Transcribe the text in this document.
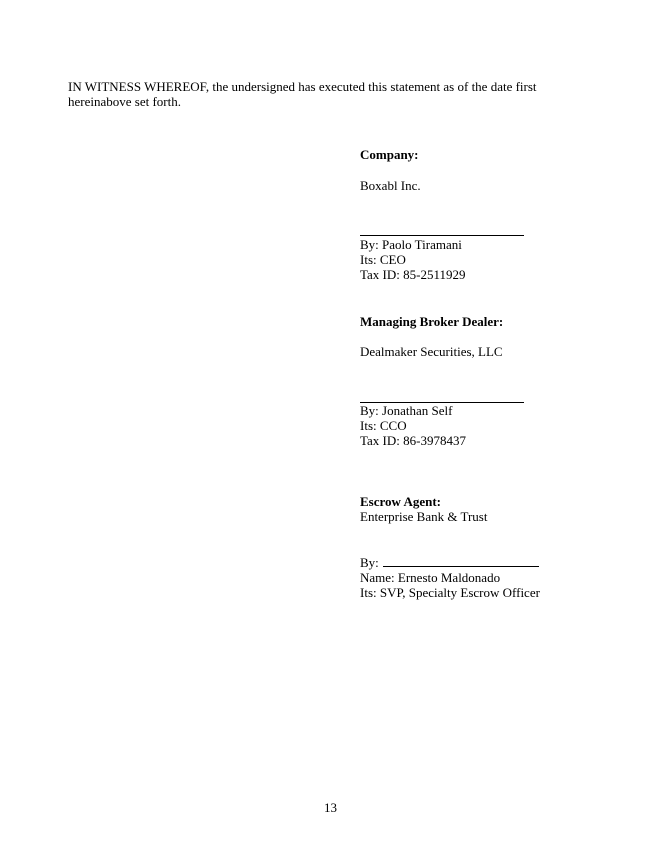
IN WITNESS WHEREOF, the undersigned has executed this statement as of the date first
hereinabove set forth.

Company:
Boxabl Inc.
By: Paolo Tiramani
Its: CEO
Tax ID: 85-2511929
Managing Broker Dealer:
Dealmaker Securities, LLC
By: Jonathan Self
Its: CCO
Tax ID: 86-3978437
Escrow Agent:
Enterprise Bank & Trust
By:
Name: Ernesto Maldonado
Its: SVP, Specialty Escrow Officer
13
